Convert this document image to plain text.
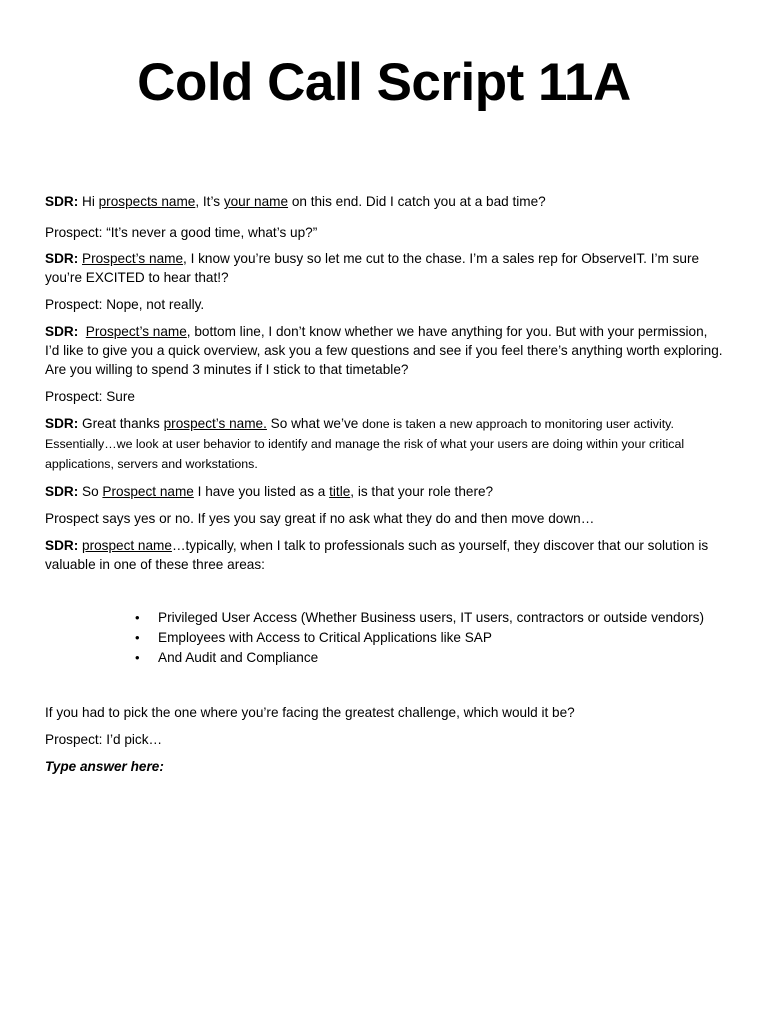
Cold Call Script 11A

SDR: Hi prospects name, It’s your name on this end. Did I catch you at a bad time?

Prospect: “It’s never a good time, what’s up?”

SDR: Prospect’s name, I know you’re busy so let me cut to the chase. I’m a sales rep for ObserveIT. I’m sure you’re EXCITED to hear that!?

Prospect: Nope, not really.

SDR: Prospect’s name, bottom line, I don’t know whether we have anything for you. But with your permission, I’d like to give you a quick overview, ask you a few questions and see if you feel there’s anything worth exploring. Are you willing to spend 3 minutes if I stick to that timetable?

Prospect: Sure

SDR: Great thanks prospect’s name. So what we’ve done is taken a new approach to monitoring user activity. Essentially…we look at user behavior to identify and manage the risk of what your users are doing within your critical applications, servers and workstations.

SDR: So Prospect name I have you listed as a title, is that your role there?

Prospect says yes or no. If yes you say great if no ask what they do and then move down…

SDR: prospect name…typically, when I talk to professionals such as yourself, they discover that our solution is valuable in one of these three areas:

• Privileged User Access (Whether Business users, IT users, contractors or outside vendors)
• Employees with Access to Critical Applications like SAP
• And Audit and Compliance

If you had to pick the one where you’re facing the greatest challenge, which would it be?

Prospect: I’d pick…

Type answer here:
